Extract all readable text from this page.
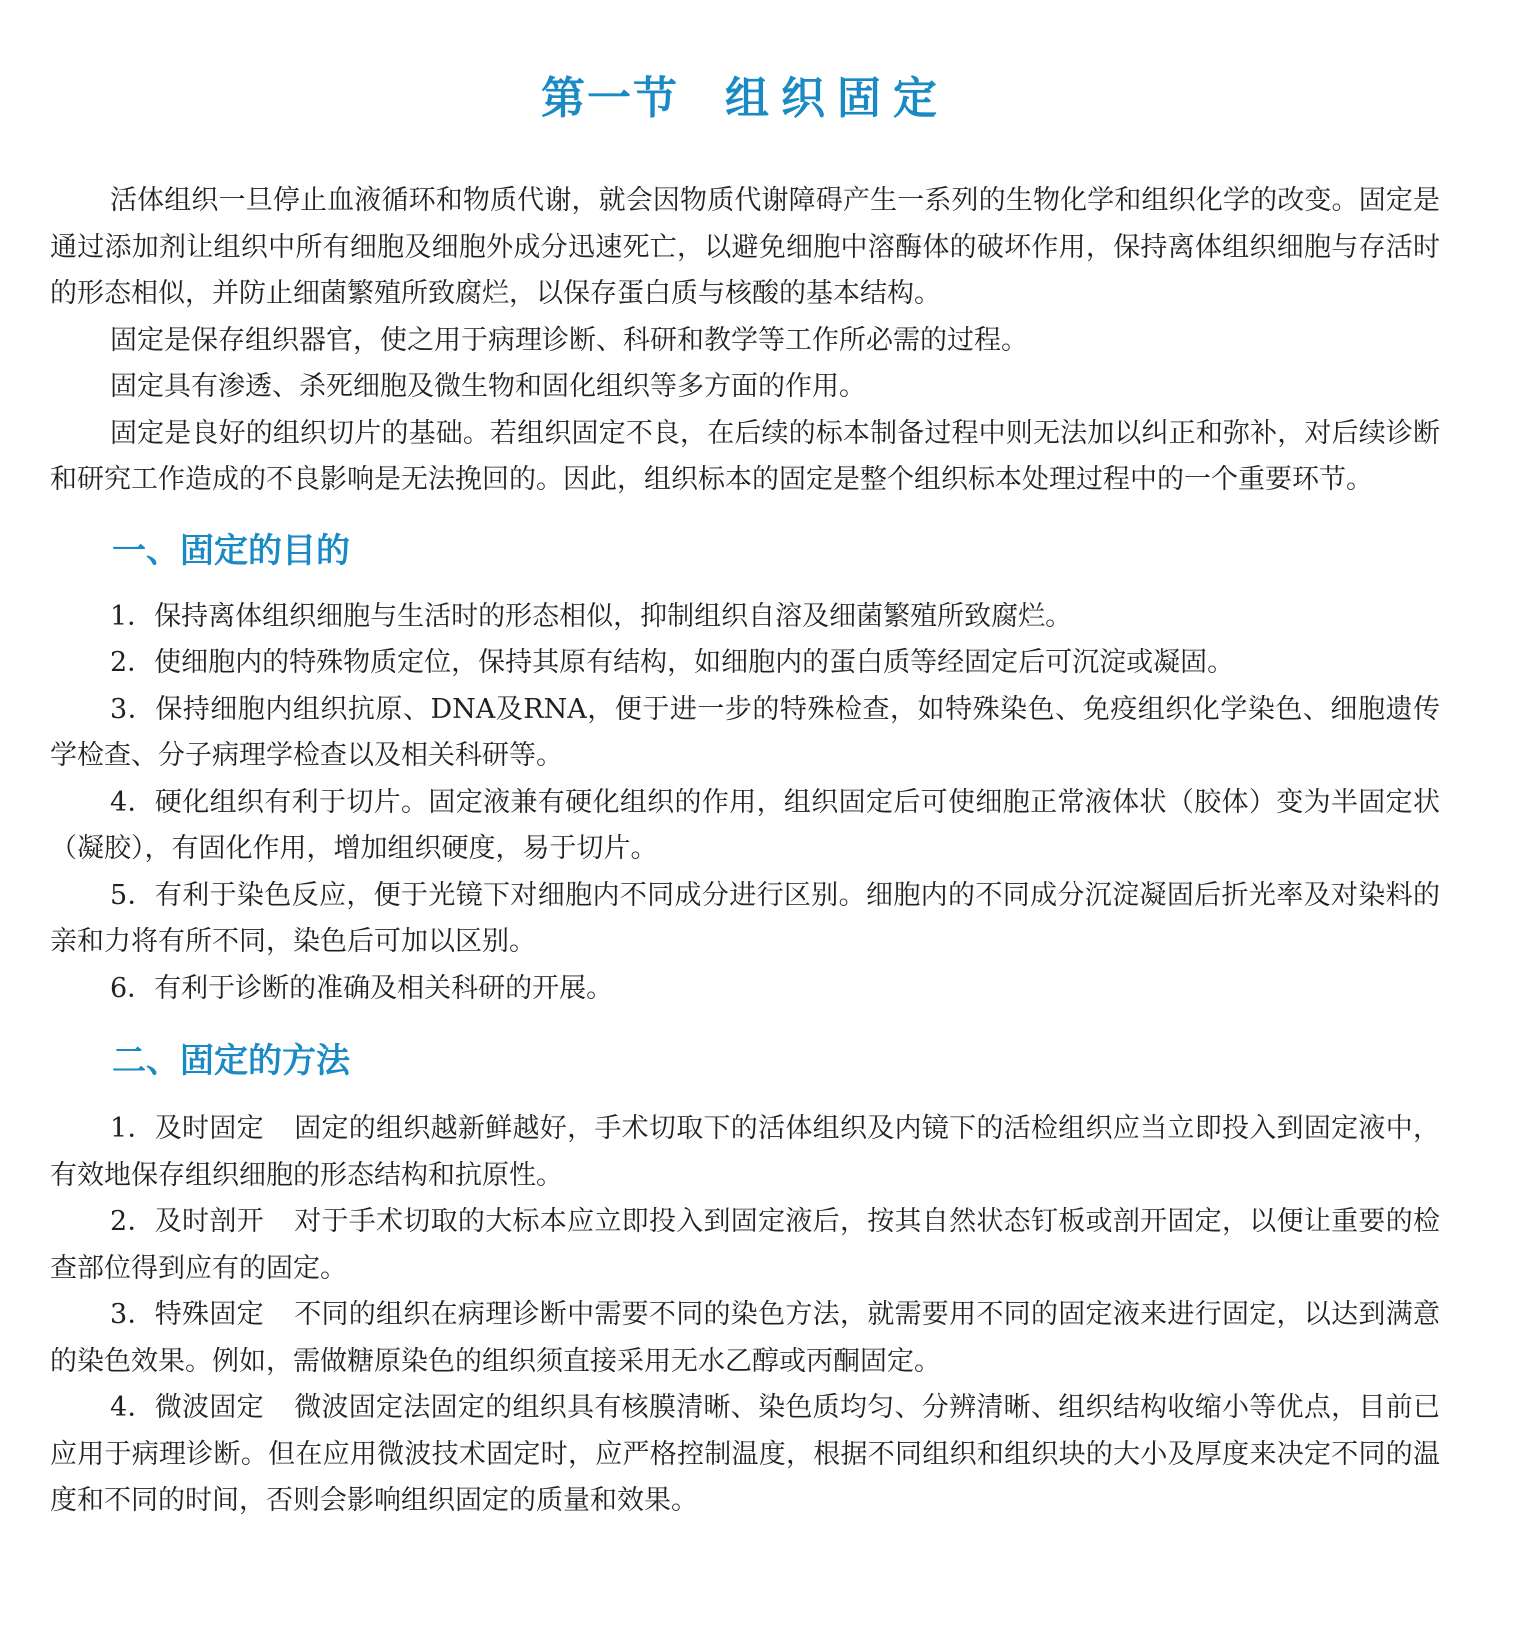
第一节 组织固定

活体组织一旦停止血液循环和物质代谢，就会因物质代谢障碍产生一系列的生物化学和组织化学的改变。固定是通过添加剂让组织中所有细胞及细胞外成分迅速死亡，以避免细胞中溶酶体的破坏作用，保持离体组织细胞与存活时的形态相似，并防止细菌繁殖所致腐烂，以保存蛋白质与核酸的基本结构。

固定是保存组织器官，使之用于病理诊断、科研和教学等工作所必需的过程。

固定具有渗透、杀死细胞及微生物和固化组织等多方面的作用。

固定是良好的组织切片的基础。若组织固定不良，在后续的标本制备过程中则无法加以纠正和弥补，对后续诊断和研究工作造成的不良影响是无法挽回的。因此，组织标本的固定是整个组织标本处理过程中的一个重要环节。

一、固定的目的

1．保持离体组织细胞与生活时的形态相似，抑制组织自溶及细菌繁殖所致腐烂。

2．使细胞内的特殊物质定位，保持其原有结构，如细胞内的蛋白质等经固定后可沉淀或凝固。

3．保持细胞内组织抗原、DNA及RNA，便于进一步的特殊检查，如特殊染色、免疫组织化学染色、细胞遗传学检查、分子病理学检查以及相关科研等。

4．硬化组织有利于切片。固定液兼有硬化组织的作用，组织固定后可使细胞正常液体状（胶体）变为半固定状（凝胶），有固化作用，增加组织硬度，易于切片。

5．有利于染色反应，便于光镜下对细胞内不同成分进行区别。细胞内的不同成分沉淀凝固后折光率及对染料的亲和力将有所不同，染色后可加以区别。

6．有利于诊断的准确及相关科研的开展。

二、固定的方法

1．及时固定 固定的组织越新鲜越好，手术切取下的活体组织及内镜下的活检组织应当立即投入到固定液中，有效地保存组织细胞的形态结构和抗原性。

2．及时剖开 对于手术切取的大标本应立即投入到固定液后，按其自然状态钉板或剖开固定，以便让重要的检查部位得到应有的固定。

3．特殊固定 不同的组织在病理诊断中需要不同的染色方法，就需要用不同的固定液来进行固定，以达到满意的染色效果。例如，需做糖原染色的组织须直接采用无水乙醇或丙酮固定。

4．微波固定 微波固定法固定的组织具有核膜清晰、染色质均匀、分辨清晰、组织结构收缩小等优点，目前已应用于病理诊断。但在应用微波技术固定时，应严格控制温度，根据不同组织和组织块的大小及厚度来决定不同的温度和不同的时间，否则会影响组织固定的质量和效果。
